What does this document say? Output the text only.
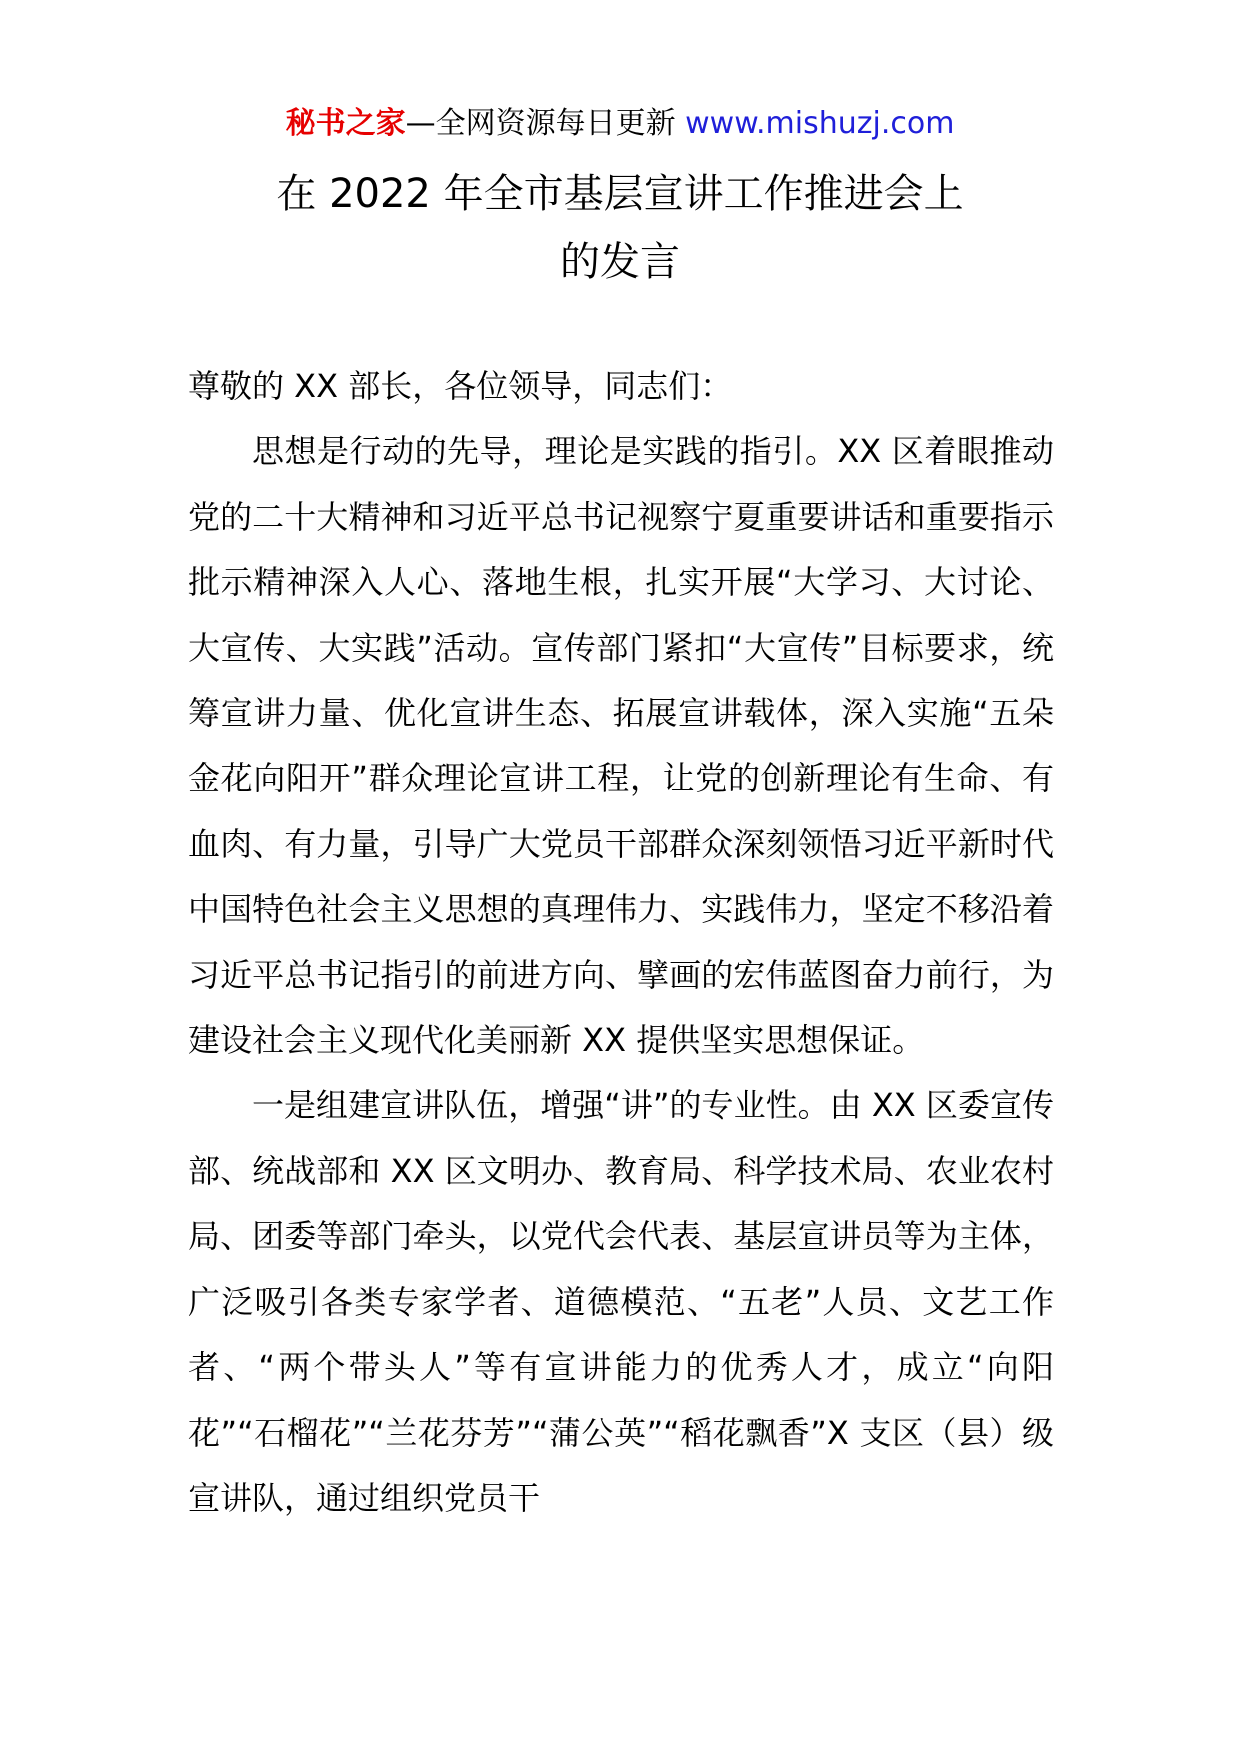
秘书之家—全网资源每日更新 www.mishuzj.com
在 2022 年全市基层宣讲工作推进会上
的发言

尊敬的 XX 部长，各位领导，同志们：

思想是行动的先导，理论是实践的指引。XX 区着眼推动党的二十大精神和习近平总书记视察宁夏重要讲话和重要指示批示精神深入人心、落地生根，扎实开展“大学习、大讨论、大宣传、大实践”活动。宣传部门紧扣“大宣传”目标要求，统筹宣讲力量、优化宣讲生态、拓展宣讲载体，深入实施“五朵金花向阳开”群众理论宣讲工程，让党的创新理论有生命、有血肉、有力量，引导广大党员干部群众深刻领悟习近平新时代中国特色社会主义思想的真理伟力、实践伟力，坚定不移沿着习近平总书记指引的前进方向、擘画的宏伟蓝图奋力前行，为建设社会主义现代化美丽新 XX 提供坚实思想保证。

一是组建宣讲队伍，增强“讲”的专业性。由 XX 区委宣传部、统战部和 XX 区文明办、教育局、科学技术局、农业农村局、团委等部门牵头，以党代会代表、基层宣讲员等为主体，广泛吸引各类专家学者、道德模范、“五老”人员、文艺工作者、“两个带头人”等有宣讲能力的优秀人才，成立“向阳花”“石榴花”“兰花芬芳”“蒲公英”“稻花飘香”X 支区（县）级宣讲队，通过组织党员干
